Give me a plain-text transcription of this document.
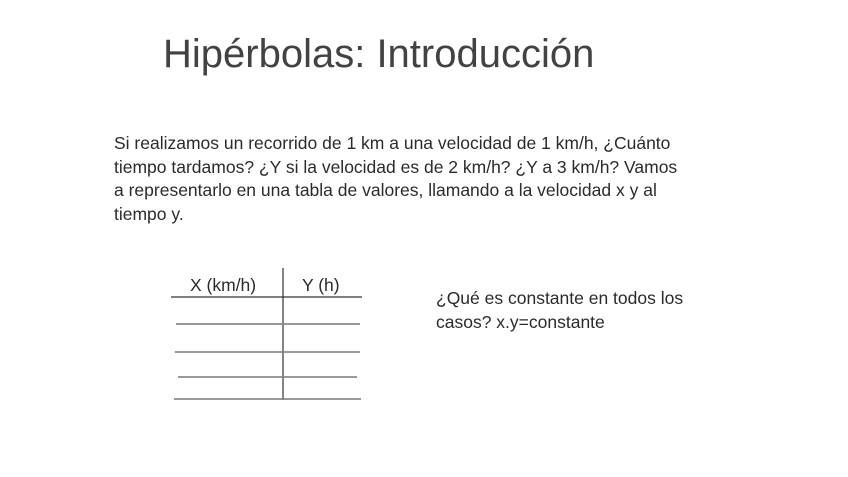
Hipérbolas: Introducción
Si realizamos un recorrido de 1 km a una velocidad de 1 km/h, ¿Cuánto
tiempo tardamos? ¿Y si la velocidad es de 2 km/h? ¿Y a 3 km/h? Vamos
a representarlo en una tabla de valores, llamando a la velocidad x y al
tiempo y.
X (km/h)	Y (h)
¿Qué es constante en todos los
casos? x.y=constante
